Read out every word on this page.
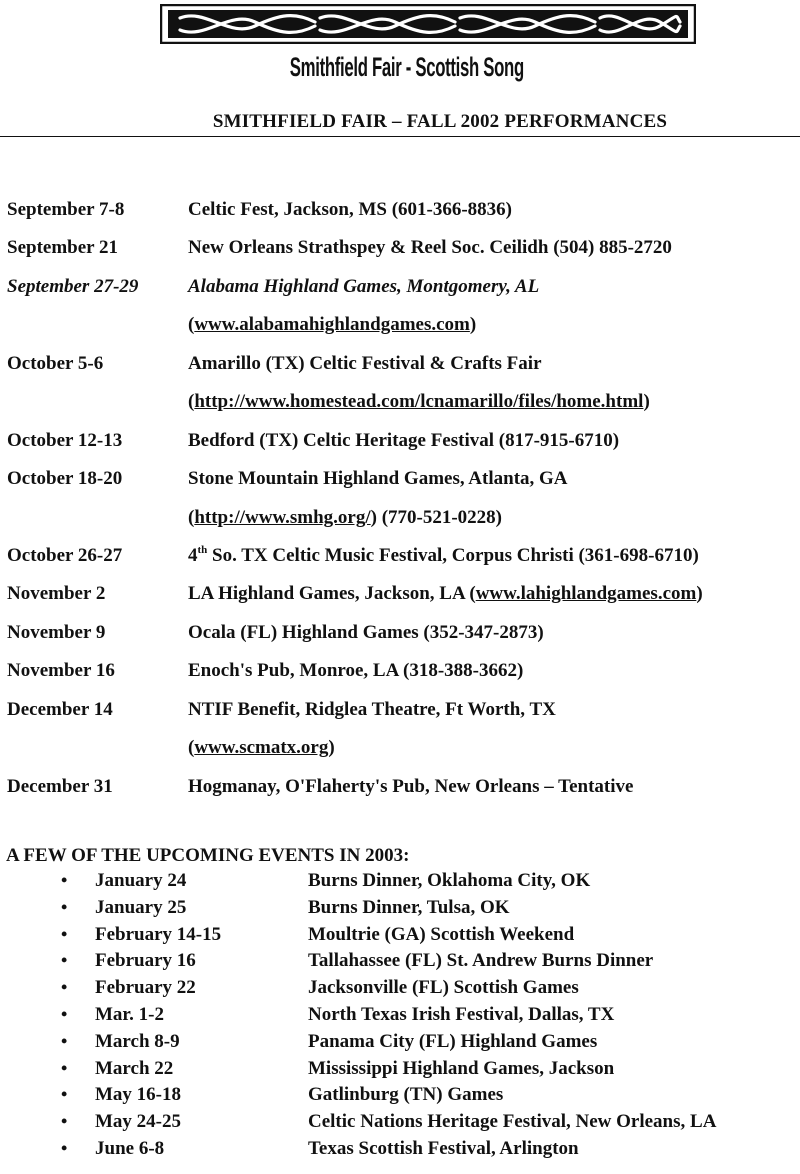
Smithfield Fair - Scottish Song
SMITHFIELD FAIR – FALL 2002 PERFORMANCES
September 7-8	Celtic Fest, Jackson, MS (601-366-8836)
September 21	New Orleans Strathspey & Reel Soc. Ceilidh (504) 885-2720
September 27-29	Alabama Highland Games, Montgomery, AL
(www.alabamahighlandgames.com)
October 5-6	Amarillo (TX) Celtic Festival & Crafts Fair
(http://www.homestead.com/lcnamarillo/files/home.html)
October 12-13	Bedford (TX) Celtic Heritage Festival (817-915-6710)
October 18-20	Stone Mountain Highland Games, Atlanta, GA
(http://www.smhg.org/) (770-521-0228)
October 26-27	4th So. TX Celtic Music Festival, Corpus Christi (361-698-6710)
November 2	LA Highland Games, Jackson, LA (www.lahighlandgames.com)
November 9	Ocala (FL) Highland Games (352-347-2873)
November 16	Enoch's Pub, Monroe, LA (318-388-3662)
December 14	NTIF Benefit, Ridglea Theatre, Ft Worth, TX
(www.scmatx.org)
December 31	Hogmanay, O'Flaherty's Pub, New Orleans – Tentative
A FEW OF THE UPCOMING EVENTS IN 2003:
• January 24	Burns Dinner, Oklahoma City, OK
• January 25	Burns Dinner, Tulsa, OK
• February 14-15	Moultrie (GA) Scottish Weekend
• February 16	Tallahassee (FL) St. Andrew Burns Dinner
• February 22	Jacksonville (FL) Scottish Games
• Mar. 1-2	North Texas Irish Festival, Dallas, TX
• March 8-9	Panama City (FL) Highland Games
• March 22	Mississippi Highland Games, Jackson
• May 16-18	Gatlinburg (TN) Games
• May 24-25	Celtic Nations Heritage Festival, New Orleans, LA
• June 6-8	Texas Scottish Festival, Arlington
